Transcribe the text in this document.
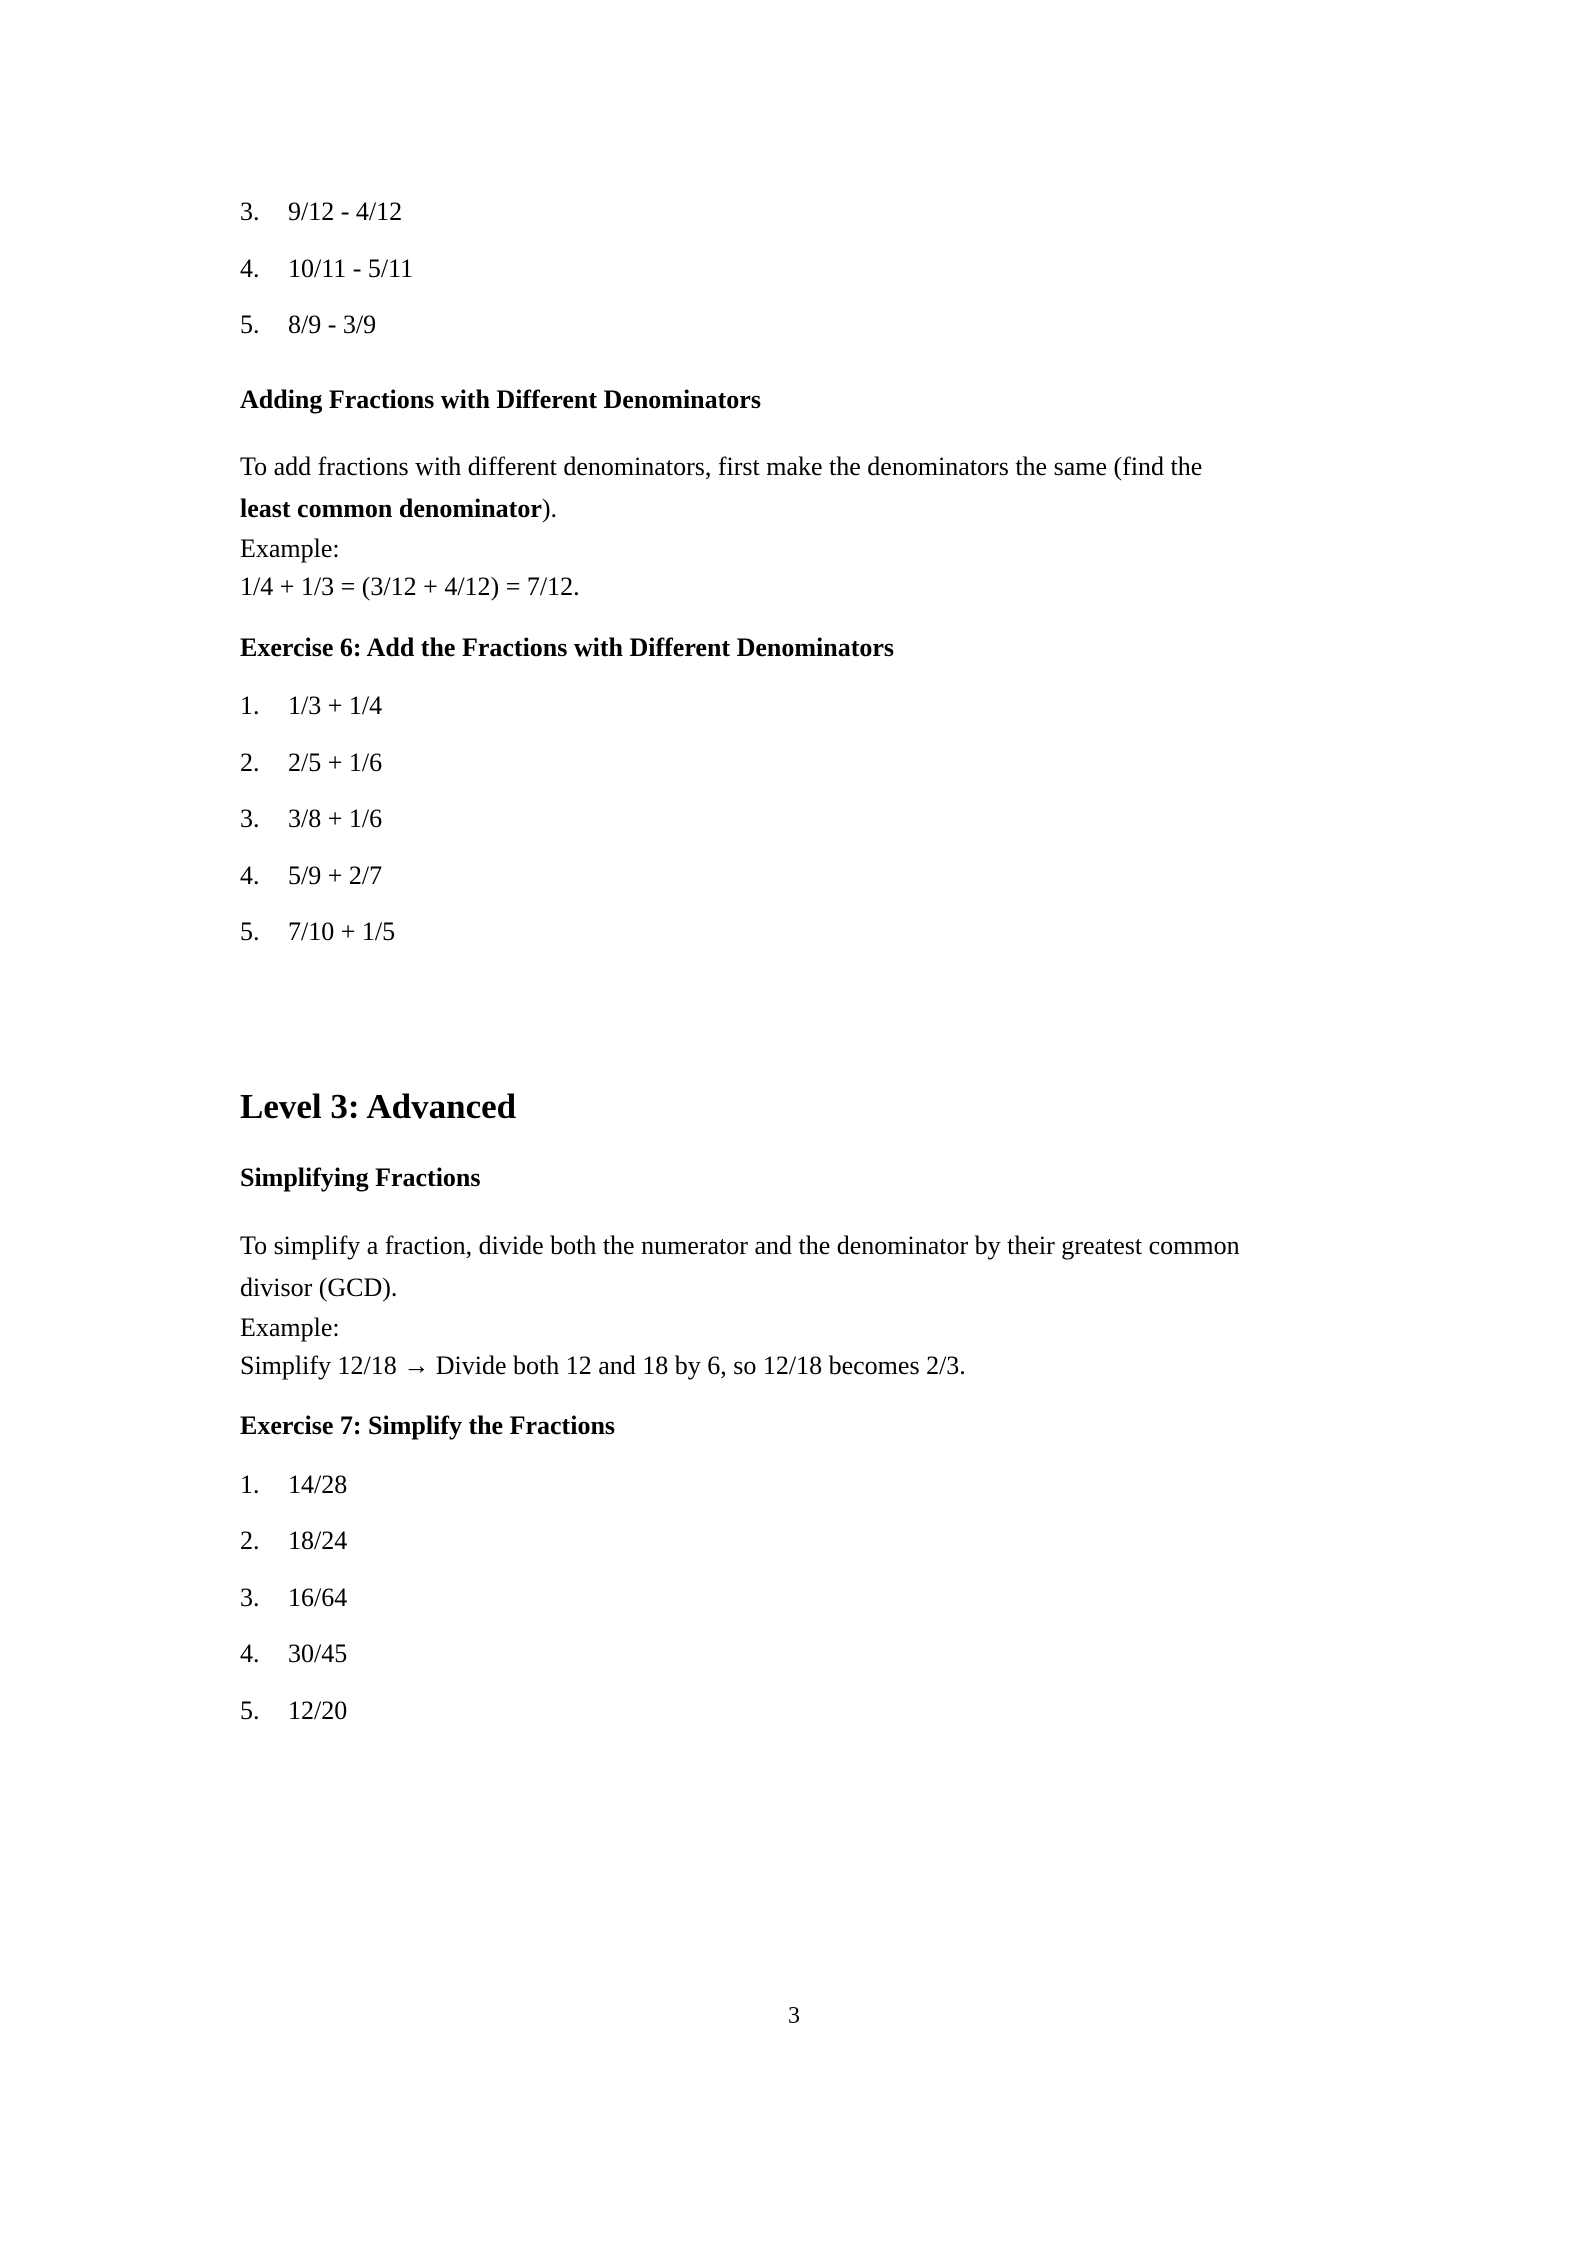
3. 9/12 - 4/12
4. 10/11 - 5/11
5. 8/9 - 3/9
Adding Fractions with Different Denominators

To add fractions with different denominators, first make the denominators the same (find the least common denominator).

Example:

1/4 + 1/3 = (3/12 + 4/12) = 7/12.

Exercise 6: Add the Fractions with Different Denominators
1. 1/3 + 1/4
2. 2/5 + 1/6
3. 3/8 + 1/6
4. 5/9 + 2/7
5. 7/10 + 1/5
Level 3: Advanced
Simplifying Fractions

To simplify a fraction, divide both the numerator and the denominator by their greatest common divisor (GCD).

Example:

Simplify 12/18 → Divide both 12 and 18 by 6, so 12/18 becomes 2/3.

Exercise 7: Simplify the Fractions
1. 14/28
2. 18/24
3. 16/64
4. 30/45
5. 12/20
3
